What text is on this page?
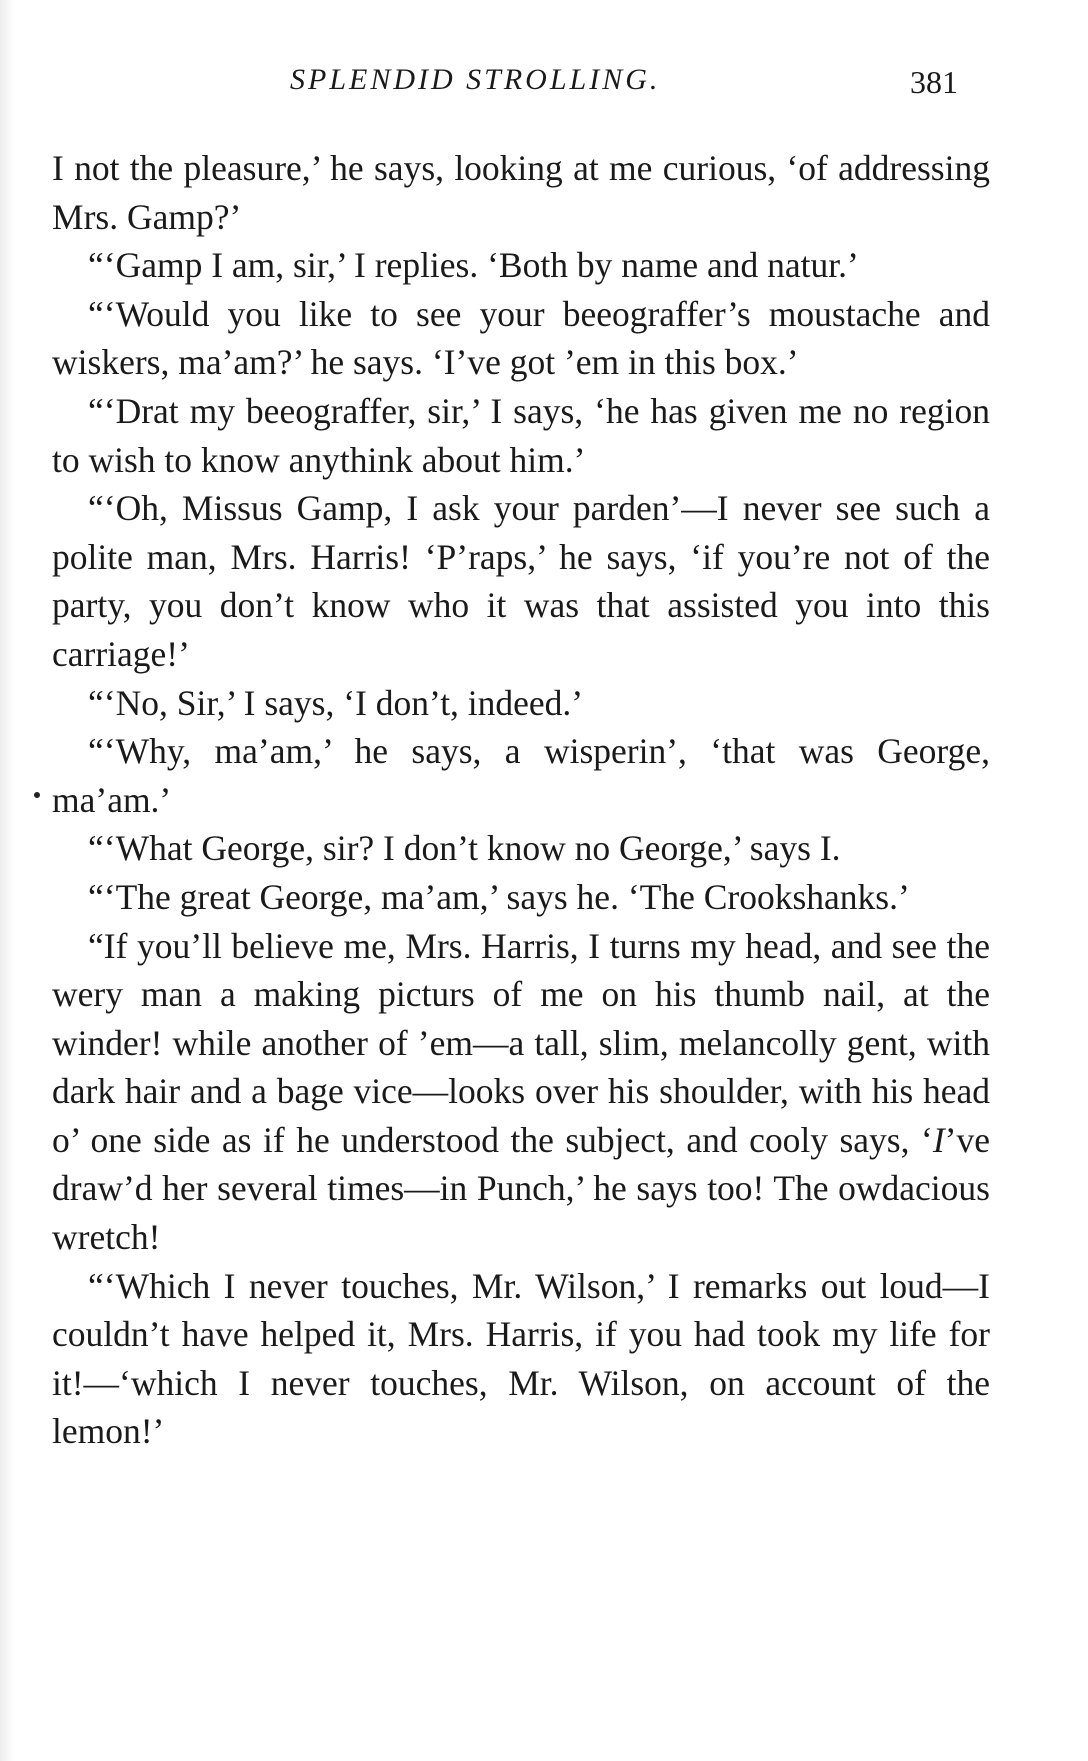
SPLENDID STROLLING.	381

I not the pleasure,’ he says, looking at me curious, ‘of addressing Mrs. Gamp?’

“‘Gamp I am, sir,’ I replies. ‘Both by name and natur.’

“‘Would you like to see your beeograffer’s moustache and wiskers, ma’am?’ he says. ‘I’ve got ’em in this box.’

“‘Drat my beeograffer, sir,’ I says, ‘he has given me no region to wish to know anythink about him.’

“‘Oh, Missus Gamp, I ask your parden’—I never see such a polite man, Mrs. Harris! ‘P’raps,’ he says, ‘if you’re not of the party, you don’t know who it was that assisted you into this carriage!’

“‘No, Sir,’ I says, ‘I don’t, indeed.’

“‘Why, ma’am,’ he says, a wisperin’, ‘that was George, ma’am.’

“‘What George, sir? I don’t know no George,’ says I.

“‘The great George, ma’am,’ says he. ‘The Crookshanks.’

“If you’ll believe me, Mrs. Harris, I turns my head, and see the wery man a making picturs of me on his thumb nail, at the winder! while another of ’em—a tall, slim, melancolly gent, with dark hair and a bage vice—looks over his shoulder, with his head o’ one side as if he understood the subject, and cooly says, ‘I’ve draw’d her several times—in Punch,’ he says too! The owdacious wretch!

“‘Which I never touches, Mr. Wilson,’ I remarks out loud—I couldn’t have helped it, Mrs. Harris, if you had took my life for it!—‘which I never touches, Mr. Wilson, on account of the lemon!’
